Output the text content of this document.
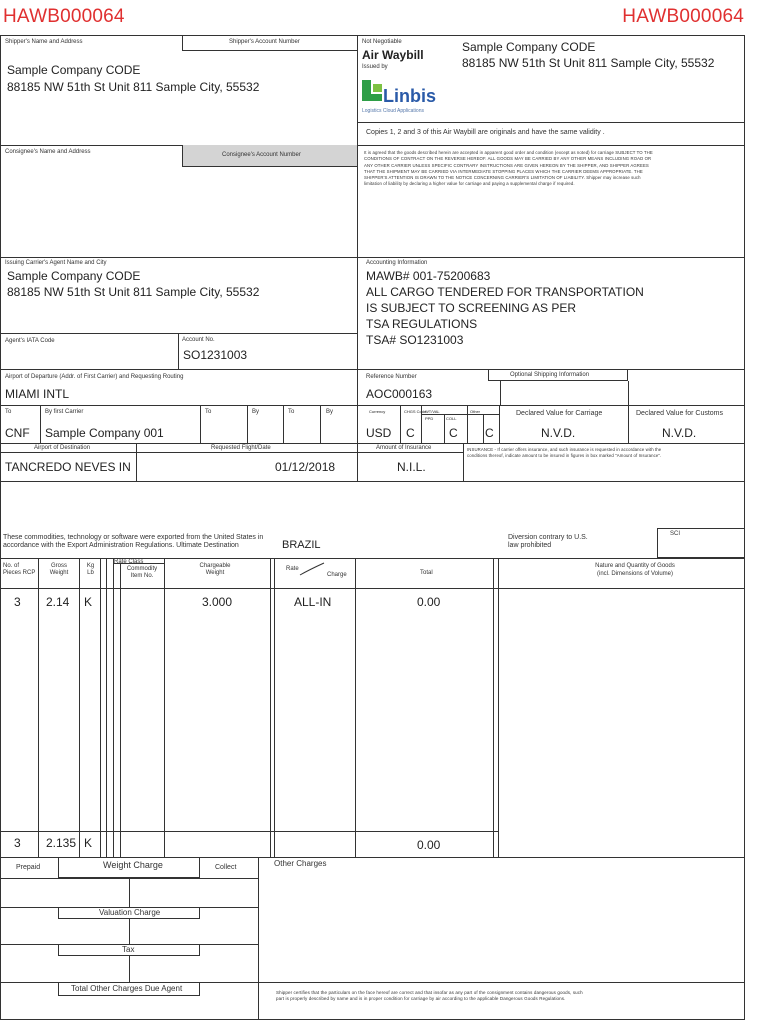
HAWB000064	HAWB000064
Shipper's Name and Address	Shipper's Account Number
Sample Company CODE
88185 NW 51th St Unit 811 Sample City, 55532
Not Negotiable
Air Waybill
Issued by
Sample Company CODE
88185 NW 51th St Unit 811 Sample City, 55532
Linbis
Logistics Cloud Applications
Copies 1, 2 and 3 of this Air Waybill are originals and have the same validity .
Consignee's Name and Address	Consignee's Account Number	It is agreed that the goods described herein are accepted in apparent good order and condition (except as noted) for carriage SUBJECT TO THE CONDITIONS OF CONTRACT ON THE REVERSE HEREOF. ALL GOODS MAY BE CARRIED BY ANY OTHER MEANS INCLUDING ROAD OR ANY OTHER CARRIER UNLESS SPECIFIC CONTRARY INSTRUCTIONS ARE GIVEN HEREON BY THE SHIPPER, AND SHIPPER AGREES THAT THE SHIPMENT MAY BE CARRIED VIA INTERMEDIATE STOPPING PLACES WHICH THE CARRIER DEEMS APPROPRIATE. THE SHIPPER'S ATTENTION IS DRAWN TO THE NOTICE CONCERNING CARRIER'S LIMITATION OF LIABILITY. Shipper may increase such limitation of liability by declaring a higher value for carriage and paying a supplemental charge if required.
Issuing Carrier's Agent Name and City
Sample Company CODE
88185 NW 51th St Unit 811 Sample City, 55532
Agent's IATA Code	Account No.
SO1231003
Accounting Information
MAWB# 001-75200683
ALL CARGO TENDERED FOR TRANSPORTATION
IS SUBJECT TO SCREENING AS PER
TSA REGULATIONS
TSA# SO1231003
Airport of Departure (Addr. of First Carrier) and Requesting Routing
MIAMI INTL
Reference Number
AOC000163
Optional Shipping Information
To	By first Carrier	To	By	To	By
CNF Sample Company 001
Currency	CHGS Code
WT/VAL	Other
PPD	COLL
USD C	C C
Declared Value for Carriage
N.V.D.
Declared Value for Customs
N.V.D.
Airport of Destination	Requested Flight/Date	Amount of Insurance
TANCREDO NEVES IN	01/12/2018	N.I.L.
INSURANCE - If carrier offers insurance, and such insurance is requested in accordance with the conditions thereof, indicate amount to be insured in figures in box marked "Amount of Insurance".
SCI
These commodities, technology or software were exported from the United States in accordance with the Export Administration Regulations. Ultimate Destination	BRAZIL
Diversion contrary to U.S. law prohibited
No. of Pieces RCP
Gross Weight
Kg Lb
Rate Class
Commodity Item No.
Chargeable Weight
Rate
Charge	Total
Nature and Quantity of Goods
(incl. Dimensions of Volume)
3 2.14 K	3.000	ALL-IN	0.00
3 2.135 K	0.00
Prepaid	Weight Charge	Collect	Other Charges
Valuation Charge
Tax
Total Other Charges Due Agent	Shipper certifies that the particulars on the face hereof are correct and that insofar as any part of the consignment contains dangerous goods, such part is properly described by name and is in proper condition for carriage by air according to the applicable Dangerous Goods Regulations.
